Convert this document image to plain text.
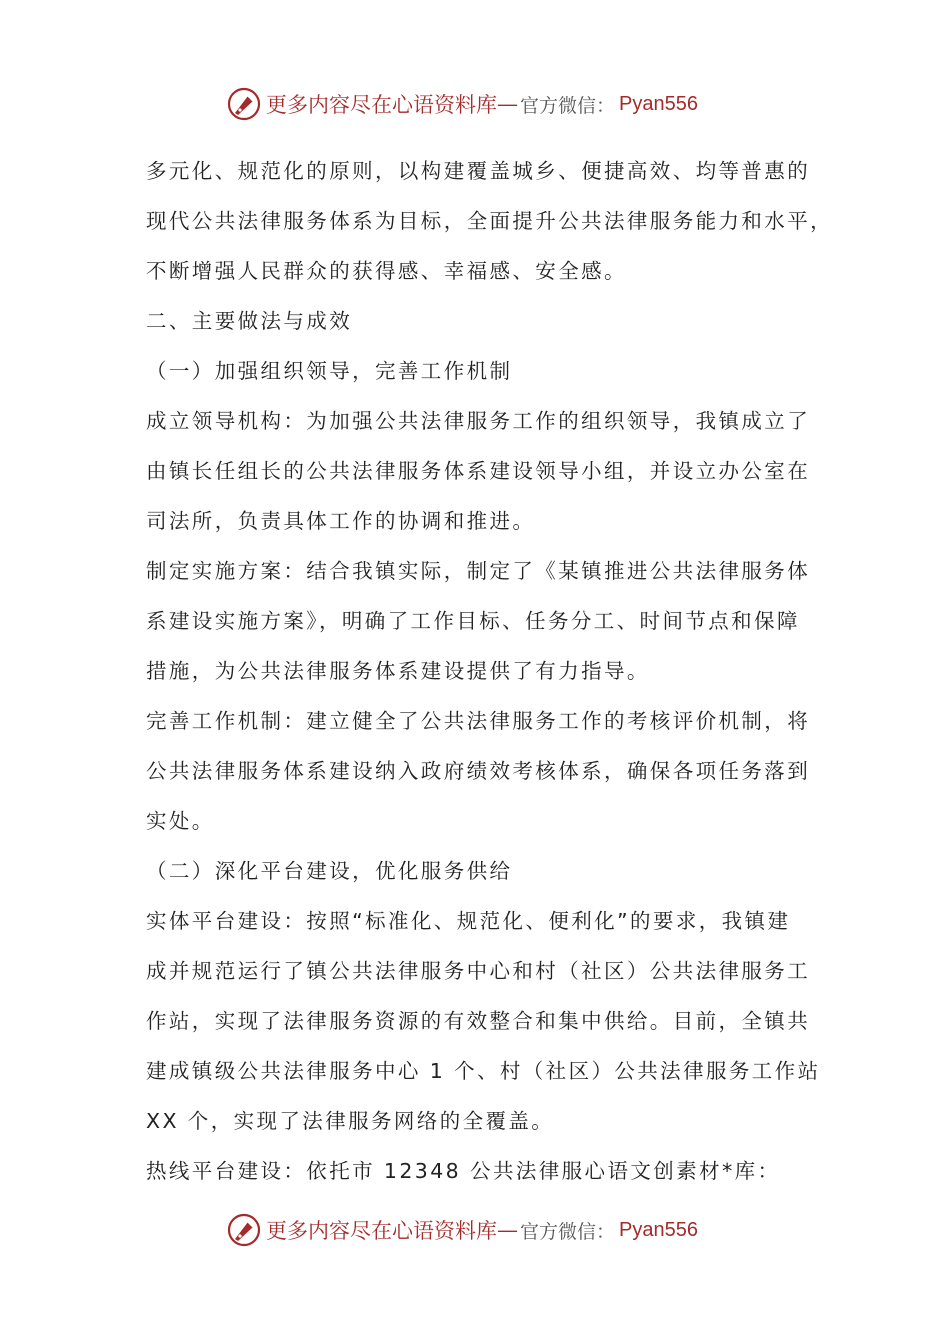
更多内容尽在心语资料库 — 官方微信： Pyan556

多元化、规范化的原则，以构建覆盖城乡、便捷高效、均等普惠的

现代公共法律服务体系为目标，全面提升公共法律服务能力和水平，

不断增强人民群众的获得感、幸福感、安全感。

二、主要做法与成效

（一）加强组织领导，完善工作机制

成立领导机构：为加强公共法律服务工作的组织领导，我镇成立了

由镇长任组长的公共法律服务体系建设领导小组，并设立办公室在

司法所，负责具体工作的协调和推进。

制定实施方案：结合我镇实际，制定了《某镇推进公共法律服务体

系建设实施方案》，明确了工作目标、任务分工、时间节点和保障

措施，为公共法律服务体系建设提供了有力指导。

完善工作机制：建立健全了公共法律服务工作的考核评价机制，将

公共法律服务体系建设纳入政府绩效考核体系，确保各项任务落到

实处。

（二）深化平台建设，优化服务供给

实体平台建设：按照“标准化、规范化、便利化”的要求，我镇建

成并规范运行了镇公共法律服务中心和村（社区）公共法律服务工

作站，实现了法律服务资源的有效整合和集中供给。目前，全镇共

建成镇级公共法律服务中心 1 个、村（社区）公共法律服务工作站

XX 个，实现了法律服务网络的全覆盖。

热线平台建设：依托市 12348 公共法律服心语文创素材*库：

更多内容尽在心语资料库 — 官方微信： Pyan556
